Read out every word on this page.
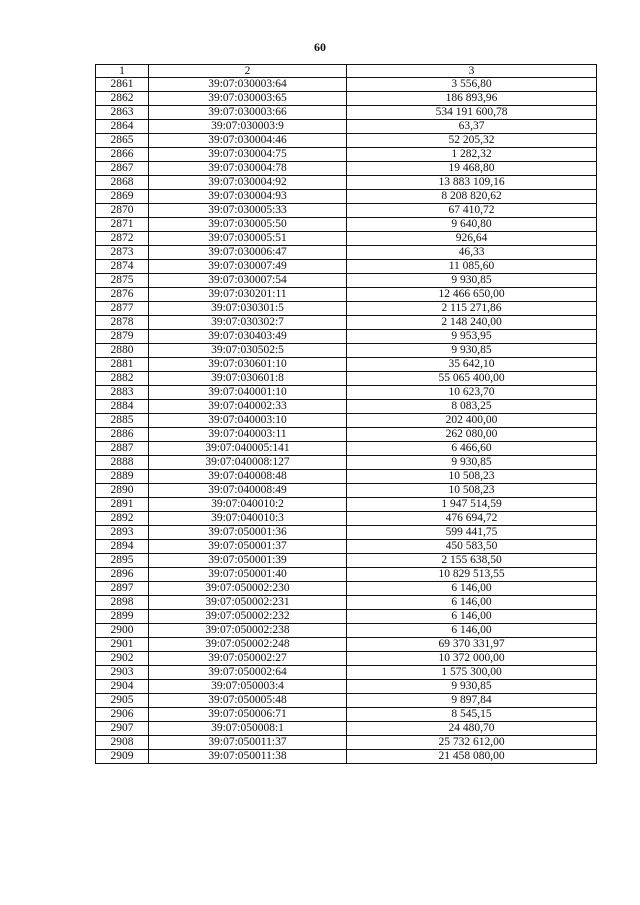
60
1	2	3
2861	39:07:030003:64	3 556,80
2862	39:07:030003:65	186 893,96
2863	39:07:030003:66	534 191 600,78
2864	39:07:030003:9	63,37
2865	39:07:030004:46	52 205,32
2866	39:07:030004:75	1 282,32
2867	39:07:030004:78	19 468,80
2868	39:07:030004:92	13 883 109,16
2869	39:07:030004:93	8 208 820,62
2870	39:07:030005:33	67 410,72
2871	39:07:030005:50	9 640,80
2872	39:07:030005:51	926,64
2873	39:07:030006:47	46,33
2874	39:07:030007:49	11 085,60
2875	39:07:030007:54	9 930,85
2876	39:07:030201:11	12 466 650,00
2877	39:07:030301:5	2 115 271,86
2878	39:07:030302:7	2 148 240,00
2879	39:07:030403:49	9 953,95
2880	39:07:030502:5	9 930,85
2881	39:07:030601:10	35 642,10
2882	39:07:030601:8	55 065 400,00
2883	39:07:040001:10	10 623,70
2884	39:07:040002:33	8 083,25
2885	39:07:040003:10	202 400,00
2886	39:07:040003:11	262 080,00
2887	39:07:040005:141	6 466,60
2888	39:07:040008:127	9 930,85
2889	39:07:040008:48	10 508,23
2890	39:07:040008:49	10 508,23
2891	39:07:040010:2	1 947 514,59
2892	39:07:040010:3	476 694,72
2893	39:07:050001:36	599 441,75
2894	39:07:050001:37	450 583,50
2895	39:07:050001:39	2 155 638,50
2896	39:07:050001:40	10 829 513,55
2897	39:07:050002:230	6 146,00
2898	39:07:050002:231	6 146,00
2899	39:07:050002:232	6 146,00
2900	39:07:050002:238	6 146,00
2901	39:07:050002:248	69 370 331,97
2902	39:07:050002:27	10 372 000,00
2903	39:07:050002:64	1 575 300,00
2904	39:07:050003:4	9 930,85
2905	39:07:050005:48	9 897,84
2906	39:07:050006:71	8 545,15
2907	39:07:050008:1	24 480,70
2908	39:07:050011:37	25 732 612,00
2909	39:07:050011:38	21 458 080,00
